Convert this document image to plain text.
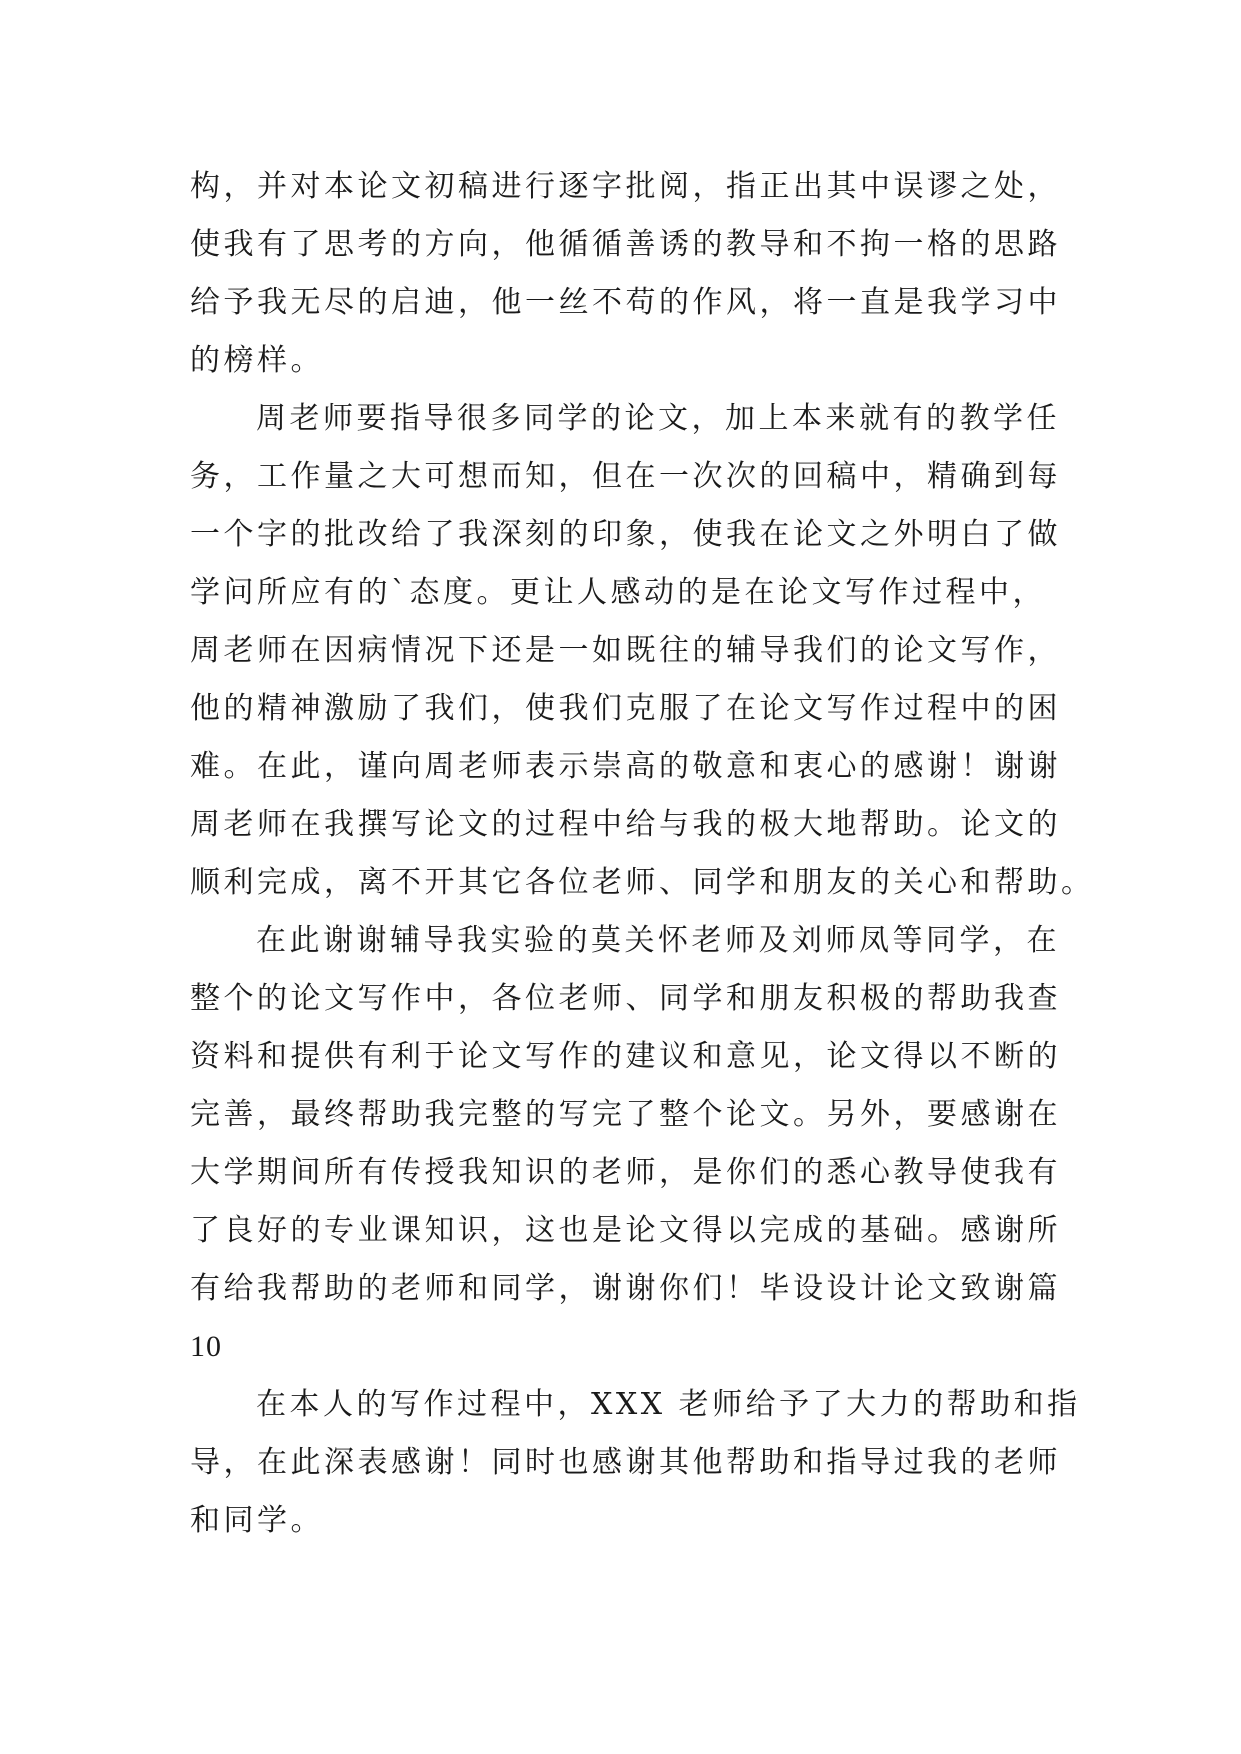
构，并对本论文初稿进行逐字批阅，指正出其中误谬之处，
使我有了思考的方向，他循循善诱的教导和不拘一格的思路
给予我无尽的启迪，他一丝不苟的作风，将一直是我学习中
的榜样。
周老师要指导很多同学的论文，加上本来就有的教学任
务，工作量之大可想而知，但在一次次的回稿中，精确到每
一个字的批改给了我深刻的印象，使我在论文之外明白了做
学问所应有的`态度。更让人感动的是在论文写作过程中，
周老师在因病情况下还是一如既往的辅导我们的论文写作，
他的精神激励了我们，使我们克服了在论文写作过程中的困
难。在此，谨向周老师表示崇高的敬意和衷心的感谢！谢谢
周老师在我撰写论文的过程中给与我的极大地帮助。论文的
顺利完成，离不开其它各位老师、同学和朋友的关心和帮助。
在此谢谢辅导我实验的莫关怀老师及刘师凤等同学，在
整个的论文写作中，各位老师、同学和朋友积极的帮助我查
资料和提供有利于论文写作的建议和意见，论文得以不断的
完善，最终帮助我完整的写完了整个论文。另外，要感谢在
大学期间所有传授我知识的老师，是你们的悉心教导使我有
了良好的专业课知识，这也是论文得以完成的基础。感谢所
有给我帮助的老师和同学，谢谢你们！毕设设计论文致谢篇
10
在本人的写作过程中，XXX 老师给予了大力的帮助和指
导，在此深表感谢！同时也感谢其他帮助和指导过我的老师
和同学。
